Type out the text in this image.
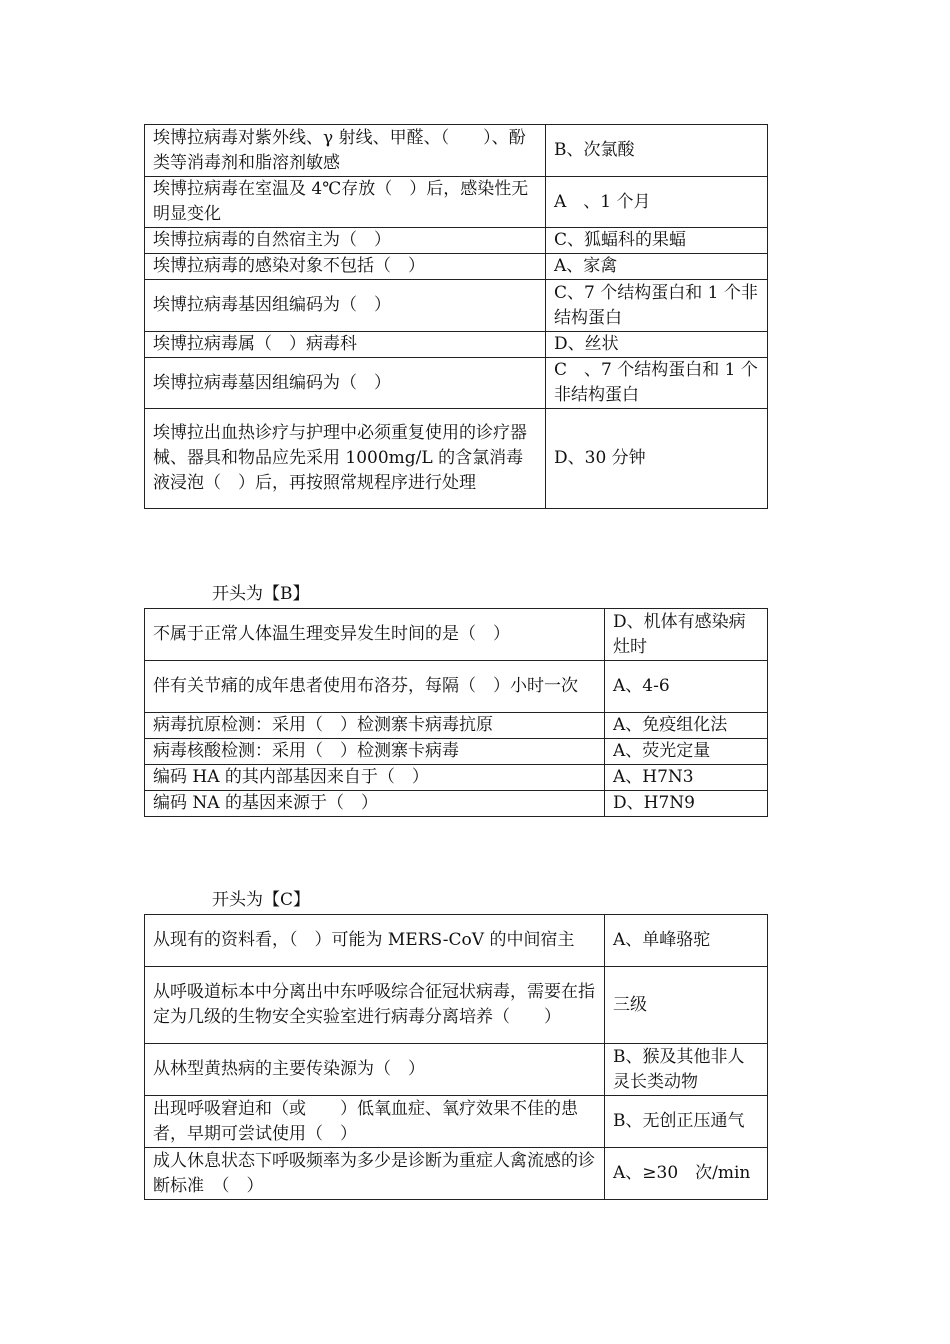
埃博拉病毒对紫外线、γ 射线、甲醛、（　　）、酚类等消毒剂和脂溶剂敏感	B、次氯酸
埃博拉病毒在室温及 4℃存放（　）后，感染性无明显变化	A　、1 个月
埃博拉病毒的自然宿主为（　）	C、狐蝠科的果蝠
埃博拉病毒的感染对象不包括（　）	A、家禽
埃博拉病毒基因组编码为（　）	C、7 个结构蛋白和 1 个非结构蛋白
埃博拉病毒属（　）病毒科	D、丝状
埃博拉病毒墓因组编码为（　）	C　、7 个结构蛋白和 1 个非结构蛋白
埃博拉出血热诊疗与护理中必须重复使用的诊疗器械、器具和物品应先采用 1000mg/L 的含氯消毒液浸泡（　）后，再按照常规程序进行处理	D、30 分钟
开头为【B】
不属于正常人体温生理变异发生时间的是（　）	D、机体有感染病灶时
伴有关节痛的成年患者使用布洛芬，每隔（　）小时一次	A、4-6
病毒抗原检测：采用（　）检测寨卡病毒抗原	A、免疫组化法
病毒核酸检测：采用（　）检测寨卡病毒	A、荧光定量
编码 HA 的其内部基因来自于（　）	A、H7N3
编码 NA 的基因来源于（　）	D、H7N9
开头为【C】
从现有的资料看，（　）可能为 MERS-CoV 的中间宿主	A、单峰骆驼
从呼吸道标本中分离出中东呼吸综合征冠状病毒，需要在指定为几级的生物安全实验室进行病毒分离培养（　　）	三级
从林型黄热病的主要传染源为（　）	B、猴及其他非人灵长类动物
出现呼吸窘迫和（或　　）低氧血症、氧疗效果不佳的患者，早期可尝试使用（　）	B、无创正压通气
成人休息状态下呼吸频率为多少是诊断为重症人禽流感的诊断标准　（　）	A、≥30　次/min
